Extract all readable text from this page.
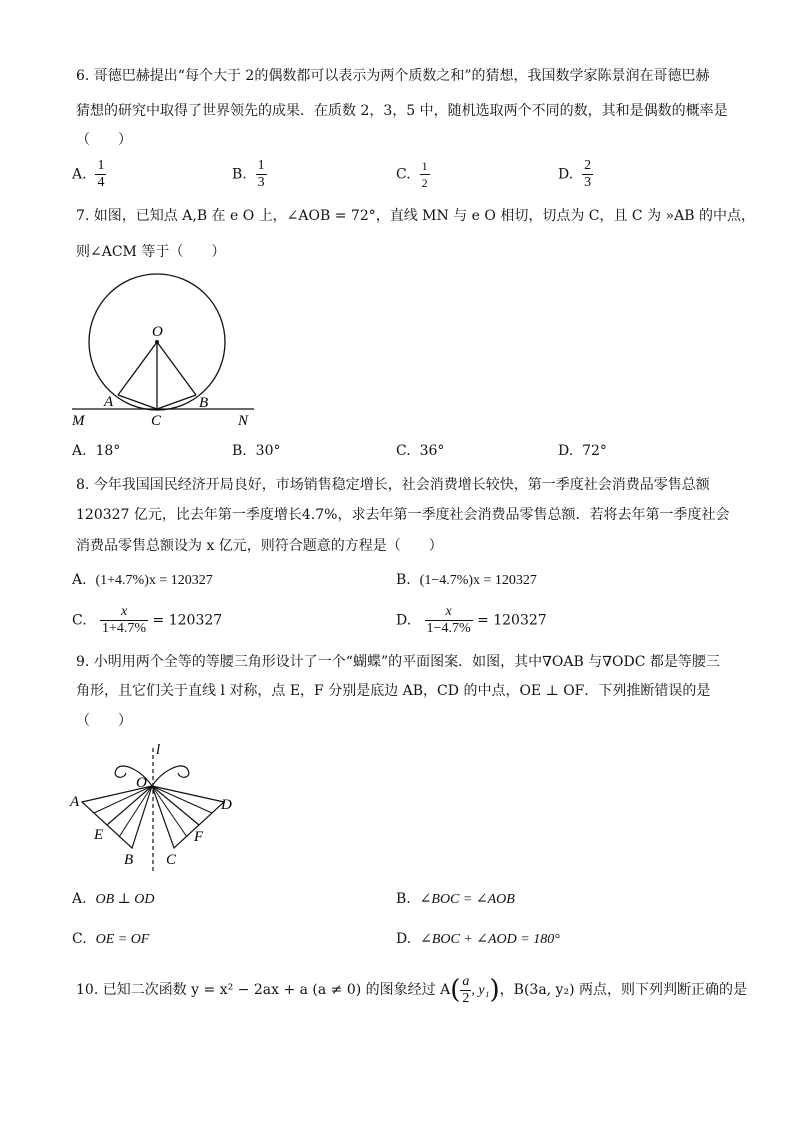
6. 哥德巴赫提出“每个大于 2的偶数都可以表示为两个质数之和”的猜想，我国数学家陈景润在哥德巴赫
猜想的研究中取得了世界领先的成果．在质数 2，3，5 中，随机选取两个不同的数，其和是偶数的概率是
（　　）
A. $\frac{1}{4}$	B. $\frac{1}{3}$	C. $\frac{1}{2}$	D. $\frac{2}{3}$
7. 如图，已知点 A,B 在 e O 上，∠AOB = 72°，直线 MN 与 e O 相切，切点为 C，且 C 为 »AB 的中点，
则∠ACM 等于（　　）
O
A	B
C
M	N
A. 18°	B. 30°	C. 36°	D. 72°
8. 今年我国国民经济开局良好，市场销售稳定增长，社会消费增长较快，第一季度社会消费品零售总额
120327 亿元，比去年第一季度增长4.7%，求去年第一季度社会消费品零售总额．若将去年第一季度社会
消费品零售总额设为 x 亿元，则符合题意的方程是（　　）
A. (1+4.7%)x = 120327	B. (1−4.7%)x = 120327
C. $\frac{x}{1+4.7\%} = 120327$	D. $\frac{x}{1-4.7\%} = 120327$
9. 小明用两个全等的等腰三角形设计了一个“蝴蝶”的平面图案．如图，其中∇OAB 与∇ODC 都是等腰三
角形，且它们关于直线 l 对称，点 E，F 分别是底边 AB，CD 的中点，OE ⊥ OF．下列推断错误的是
（　　）
l
O
A
E
B C
F
D
A. OB ⊥ OD	B. ∠BOC = ∠AOB
C. OE = OF	D. ∠BOC + ∠AOD = 180°
10. 已知二次函数 y = x² − 2ax + a (a ≠ 0) 的图象经过 $A( \frac{a}{2}$ , y₁)，B(3a, y₂) 两点，则下列判断正确的是
